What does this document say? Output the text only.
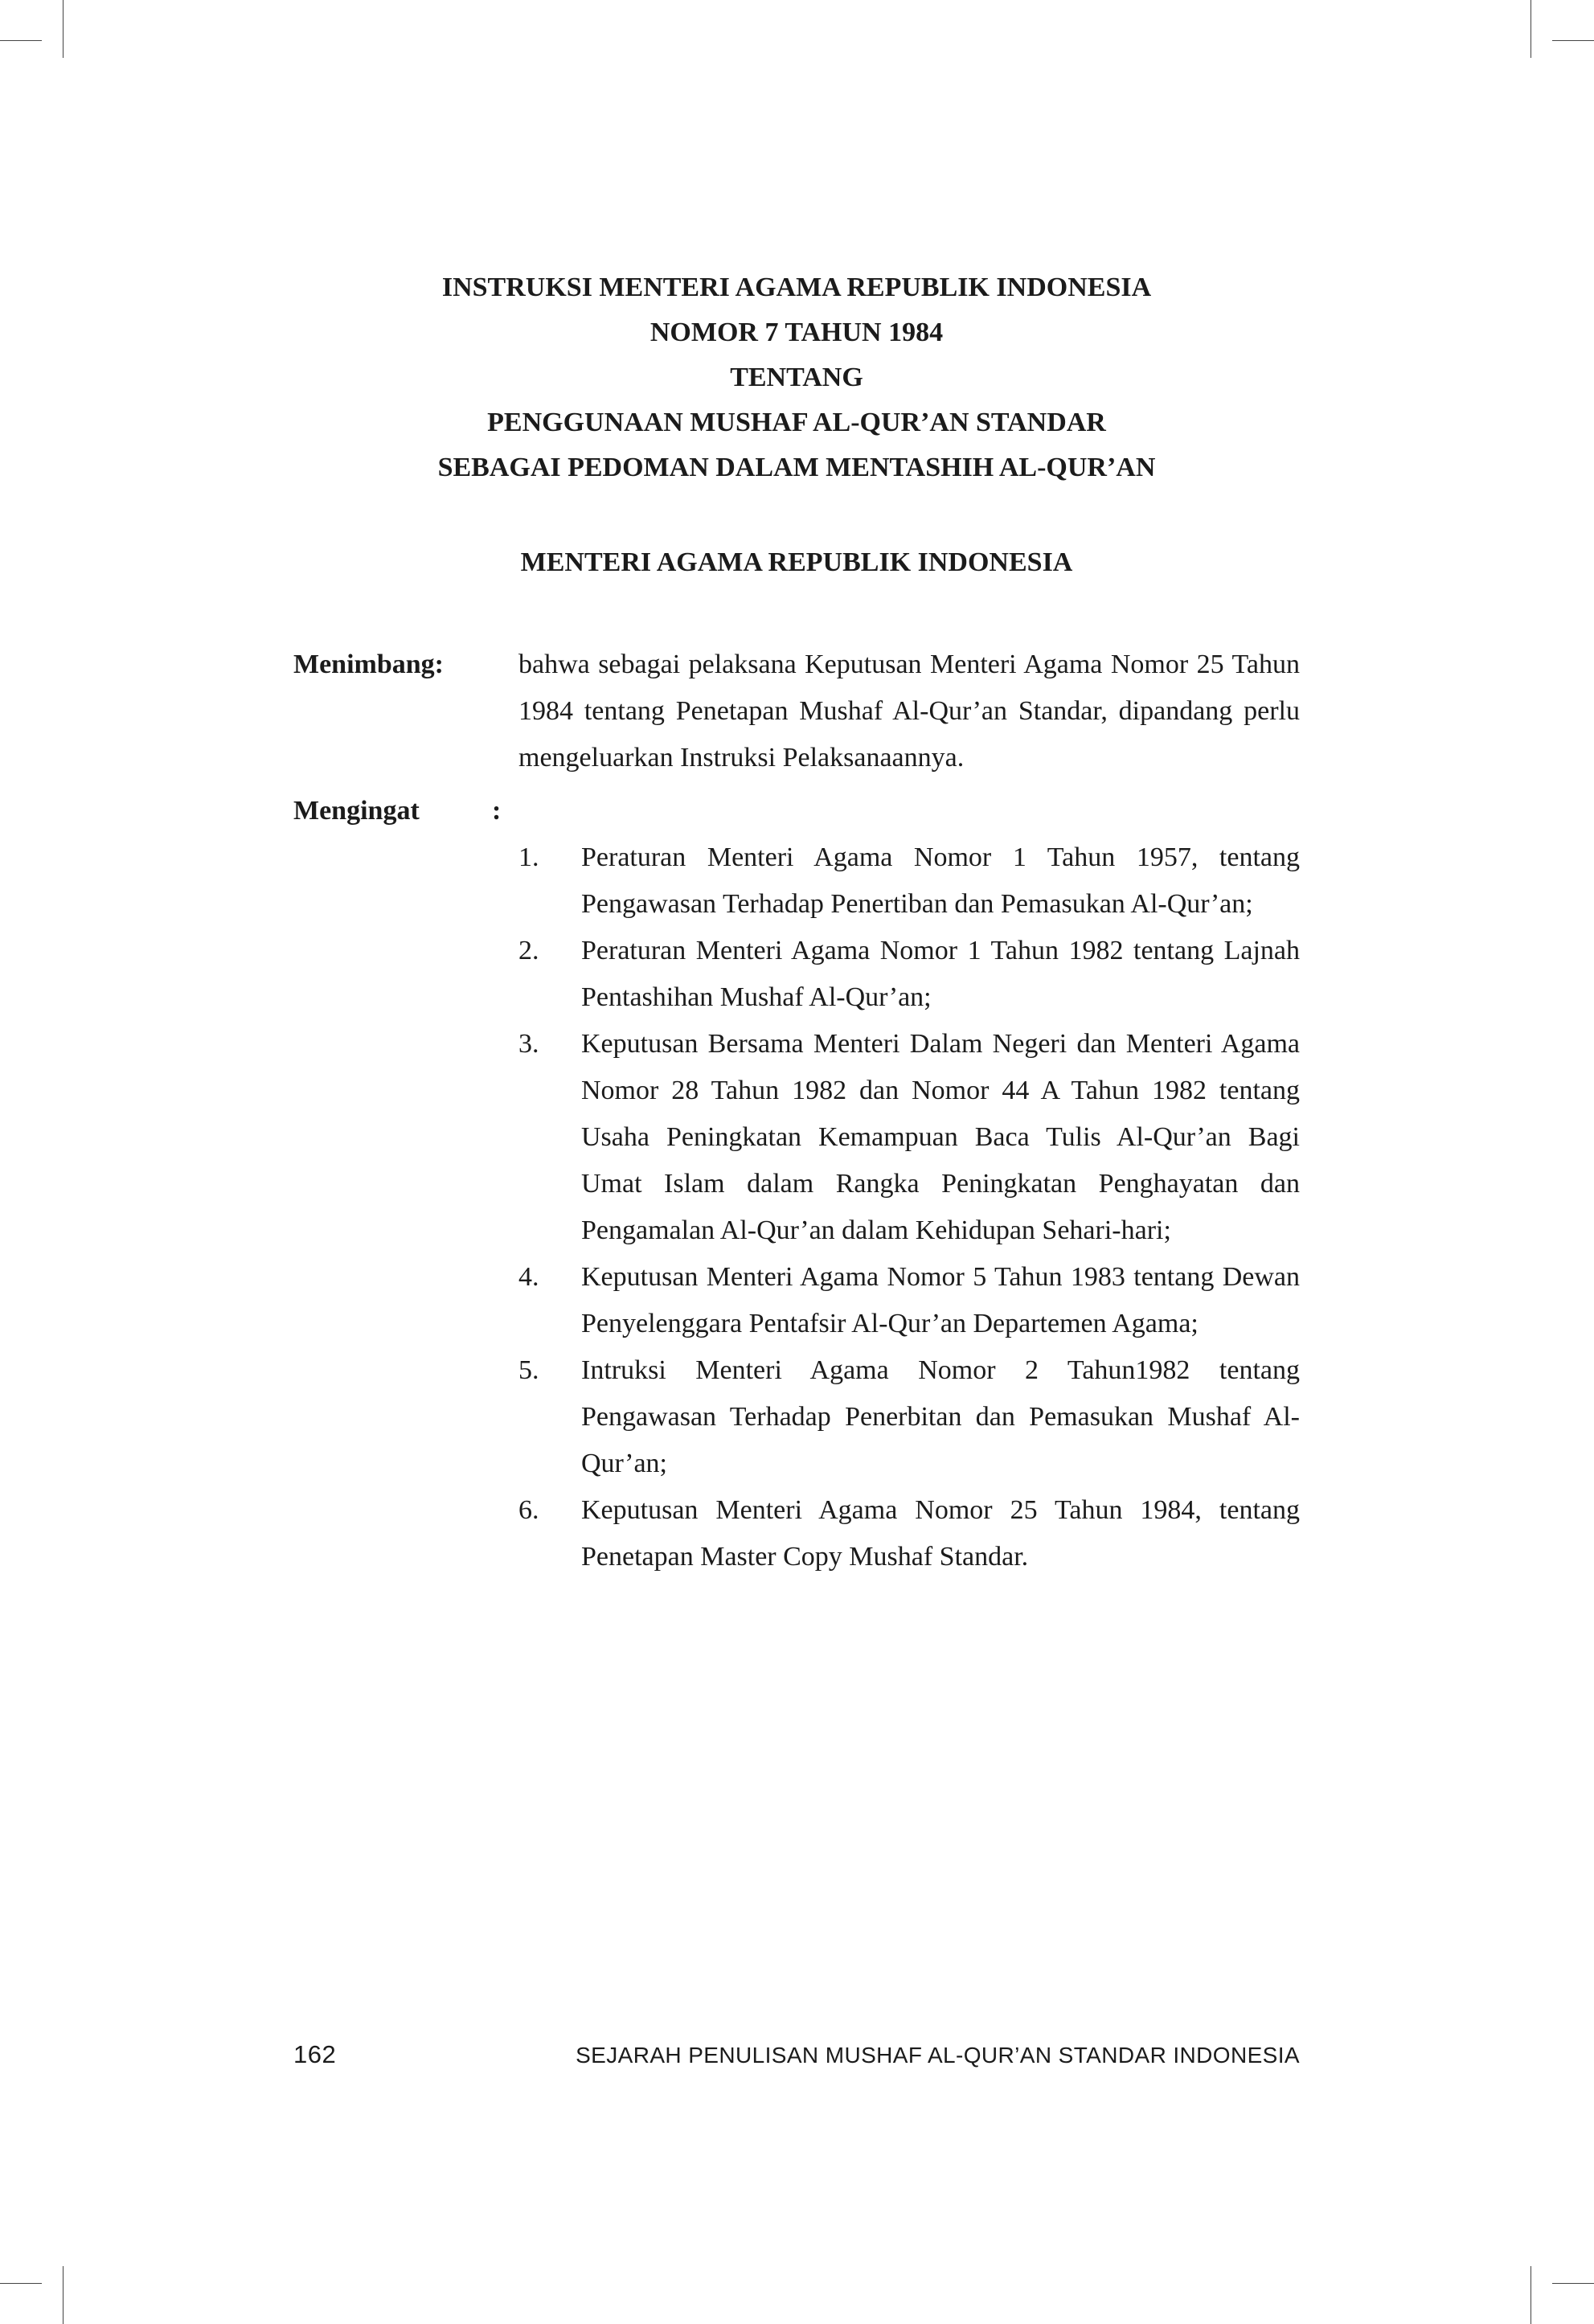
INSTRUKSI MENTERI AGAMA REPUBLIK INDONESIA
NOMOR 7 TAHUN 1984
TENTANG
PENGGUNAAN MUSHAF AL-QUR’AN STANDAR
SEBAGAI PEDOMAN DALAM MENTASHIH AL-QUR’AN
MENTERI AGAMA REPUBLIK INDONESIA
Menimbang:	bahwa sebagai pelaksana Keputusan Menteri Agama Nomor 25 Tahun 1984 tentang Penetapan Mushaf Al-Qur’an Standar, dipandang perlu mengeluarkan Instruksi Pelaksanaannya.
Mengingat	:
1.	Peraturan Menteri Agama Nomor 1 Tahun 1957, tentang Pengawasan Terhadap Penertiban dan Pemasukan Al-Qur’an;
2.	Peraturan Menteri Agama Nomor 1 Tahun 1982 tentang Lajnah Pentashihan Mushaf Al-Qur’an;
3.	Keputusan Bersama Menteri Dalam Negeri dan Menteri Agama Nomor 28 Tahun 1982 dan Nomor 44 A Tahun 1982 tentang Usaha Peningkatan Kemampuan Baca Tulis Al-Qur’an Bagi Umat Islam dalam Rangka Peningkatan Penghayatan dan Pengamalan Al-Qur’an dalam Kehidupan Sehari-hari;
4.	Keputusan Menteri Agama Nomor 5 Tahun 1983 tentang Dewan Penyelenggara Pentafsir Al-Qur’an Departemen Agama;
5.	Intruksi Menteri Agama Nomor 2 Tahun1982 tentang Pengawasan Terhadap Penerbitan dan Pemasukan Mushaf Al-Qur’an;
6.	Keputusan Menteri Agama Nomor 25 Tahun 1984, tentang Penetapan Master Copy Mushaf Standar.
162	SEJARAH PENULISAN MUSHAF AL-QUR’AN STANDAR INDONESIA
